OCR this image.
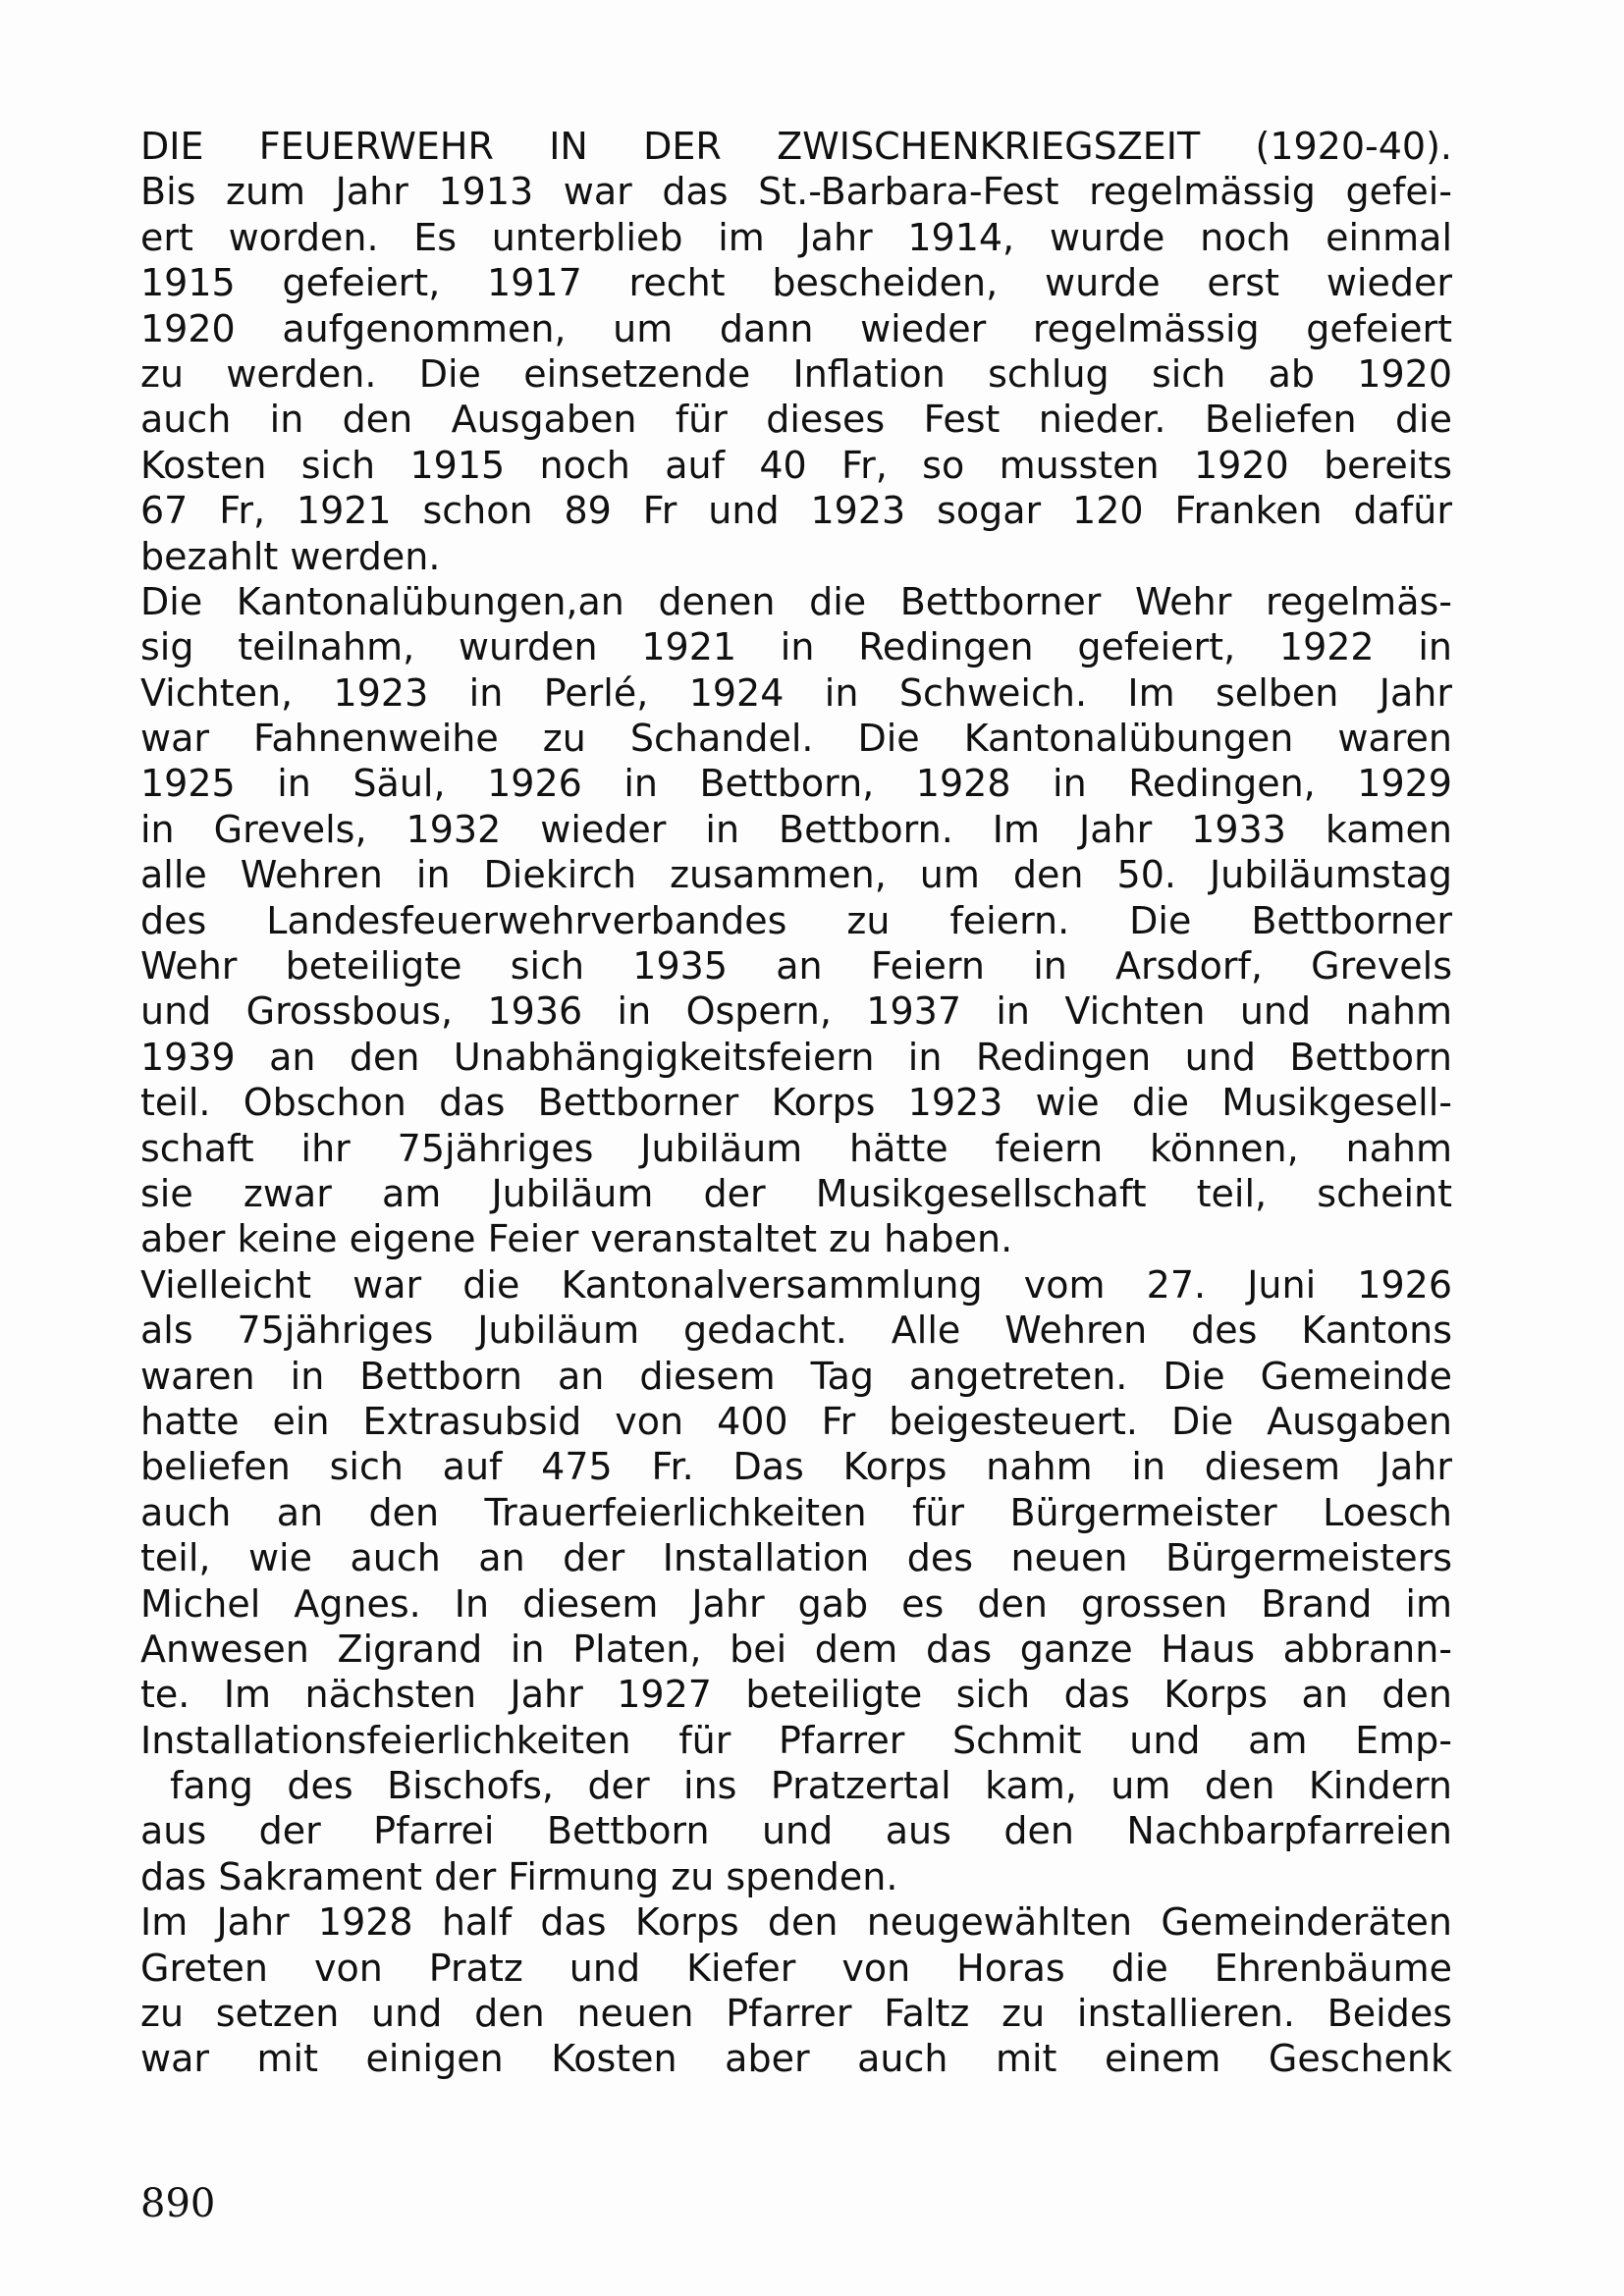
DIE FEUERWEHR IN DER ZWISCHENKRIEGSZEIT (1920-40).
Bis zum Jahr 1913 war das St.-Barbara-Fest regelmässig gefei-
ert worden. Es unterblieb im Jahr 1914, wurde noch einmal
1915 gefeiert, 1917 recht bescheiden, wurde erst wieder
1920 aufgenommen, um dann wieder regelmässig gefeiert
zu werden. Die einsetzende Inflation schlug sich ab 1920
auch in den Ausgaben für dieses Fest nieder. Beliefen die
Kosten sich 1915 noch auf 40 Fr, so mussten 1920 bereits
67 Fr, 1921 schon 89 Fr und 1923 sogar 120 Franken dafür
bezahlt werden.
Die Kantonalübungen,an denen die Bettborner Wehr regelmäs-
sig teilnahm, wurden 1921 in Redingen gefeiert, 1922 in
Vichten, 1923 in Perlé, 1924 in Schweich. Im selben Jahr
war Fahnenweihe zu Schandel. Die Kantonalübungen waren
1925 in Säul, 1926 in Bettborn, 1928 in Redingen, 1929
in Grevels, 1932 wieder in Bettborn. Im Jahr 1933 kamen
alle Wehren in Diekirch zusammen, um den 50. Jubiläumstag
des Landesfeuerwehrverbandes zu feiern. Die Bettborner
Wehr beteiligte sich 1935 an Feiern in Arsdorf, Grevels
und Grossbous, 1936 in Ospern, 1937 in Vichten und nahm
1939 an den Unabhängigkeitsfeiern in Redingen und Bettborn
teil. Obschon das Bettborner Korps 1923 wie die Musikgesell-
schaft ihr 75jähriges Jubiläum hätte feiern können, nahm
sie zwar am Jubiläum der Musikgesellschaft teil, scheint
aber keine eigene Feier veranstaltet zu haben.
Vielleicht war die Kantonalversammlung vom 27. Juni 1926
als 75jähriges Jubiläum gedacht. Alle Wehren des Kantons
waren in Bettborn an diesem Tag angetreten. Die Gemeinde
hatte ein Extrasubsid von 400 Fr beigesteuert. Die Ausgaben
beliefen sich auf 475 Fr. Das Korps nahm in diesem Jahr
auch an den Trauerfeierlichkeiten für Bürgermeister Loesch
teil, wie auch an der Installation des neuen Bürgermeisters
Michel Agnes. In diesem Jahr gab es den grossen Brand im
Anwesen Zigrand in Platen, bei dem das ganze Haus abbrann-
te. Im nächsten Jahr 1927 beteiligte sich das Korps an den
Installationsfeierlichkeiten für Pfarrer Schmit und am Emp-
fang des Bischofs, der ins Pratzertal kam, um den Kindern
aus der Pfarrei Bettborn und aus den Nachbarpfarreien
das Sakrament der Firmung zu spenden.
Im Jahr 1928 half das Korps den neugewählten Gemeinderäten
Greten von Pratz und Kiefer von Horas die Ehrenbäume
zu setzen und den neuen Pfarrer Faltz zu installieren. Beides
war mit einigen Kosten aber auch mit einem Geschenk
890
